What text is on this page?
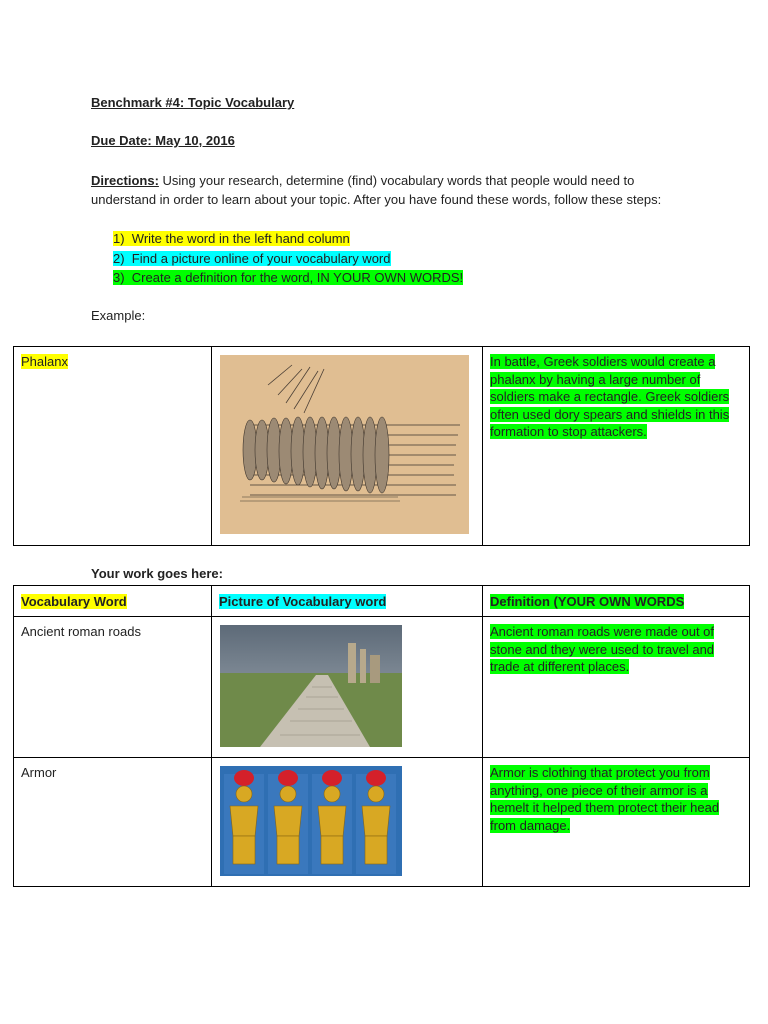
Benchmark #4: Topic Vocabulary
Due Date: May 10, 2016
Directions: Using your research, determine (find) vocabulary words that people would need to understand in order to learn about your topic. After you have found these words, follow these steps:
1) Write the word in the left hand column
2) Find a picture online of your vocabulary word
3) Create a definition for the word, IN YOUR OWN WORDS!
Example:
Phalanx		In battle, Greek soldiers would create a phalanx by having a large number of soldiers make a rectangle. Greek soldiers often used dory spears and shields in this formation to stop attackers.
Your work goes here:
Vocabulary Word	Picture of Vocabulary word	Definition (YOUR OWN WORDS
Ancient roman roads		Ancient roman roads were made out of stone and they were used to travel and trade at different places.
Armor		Armor is clothing that protect you from anything, one piece of their armor is a hemelt it helped them protect their head from damage.
